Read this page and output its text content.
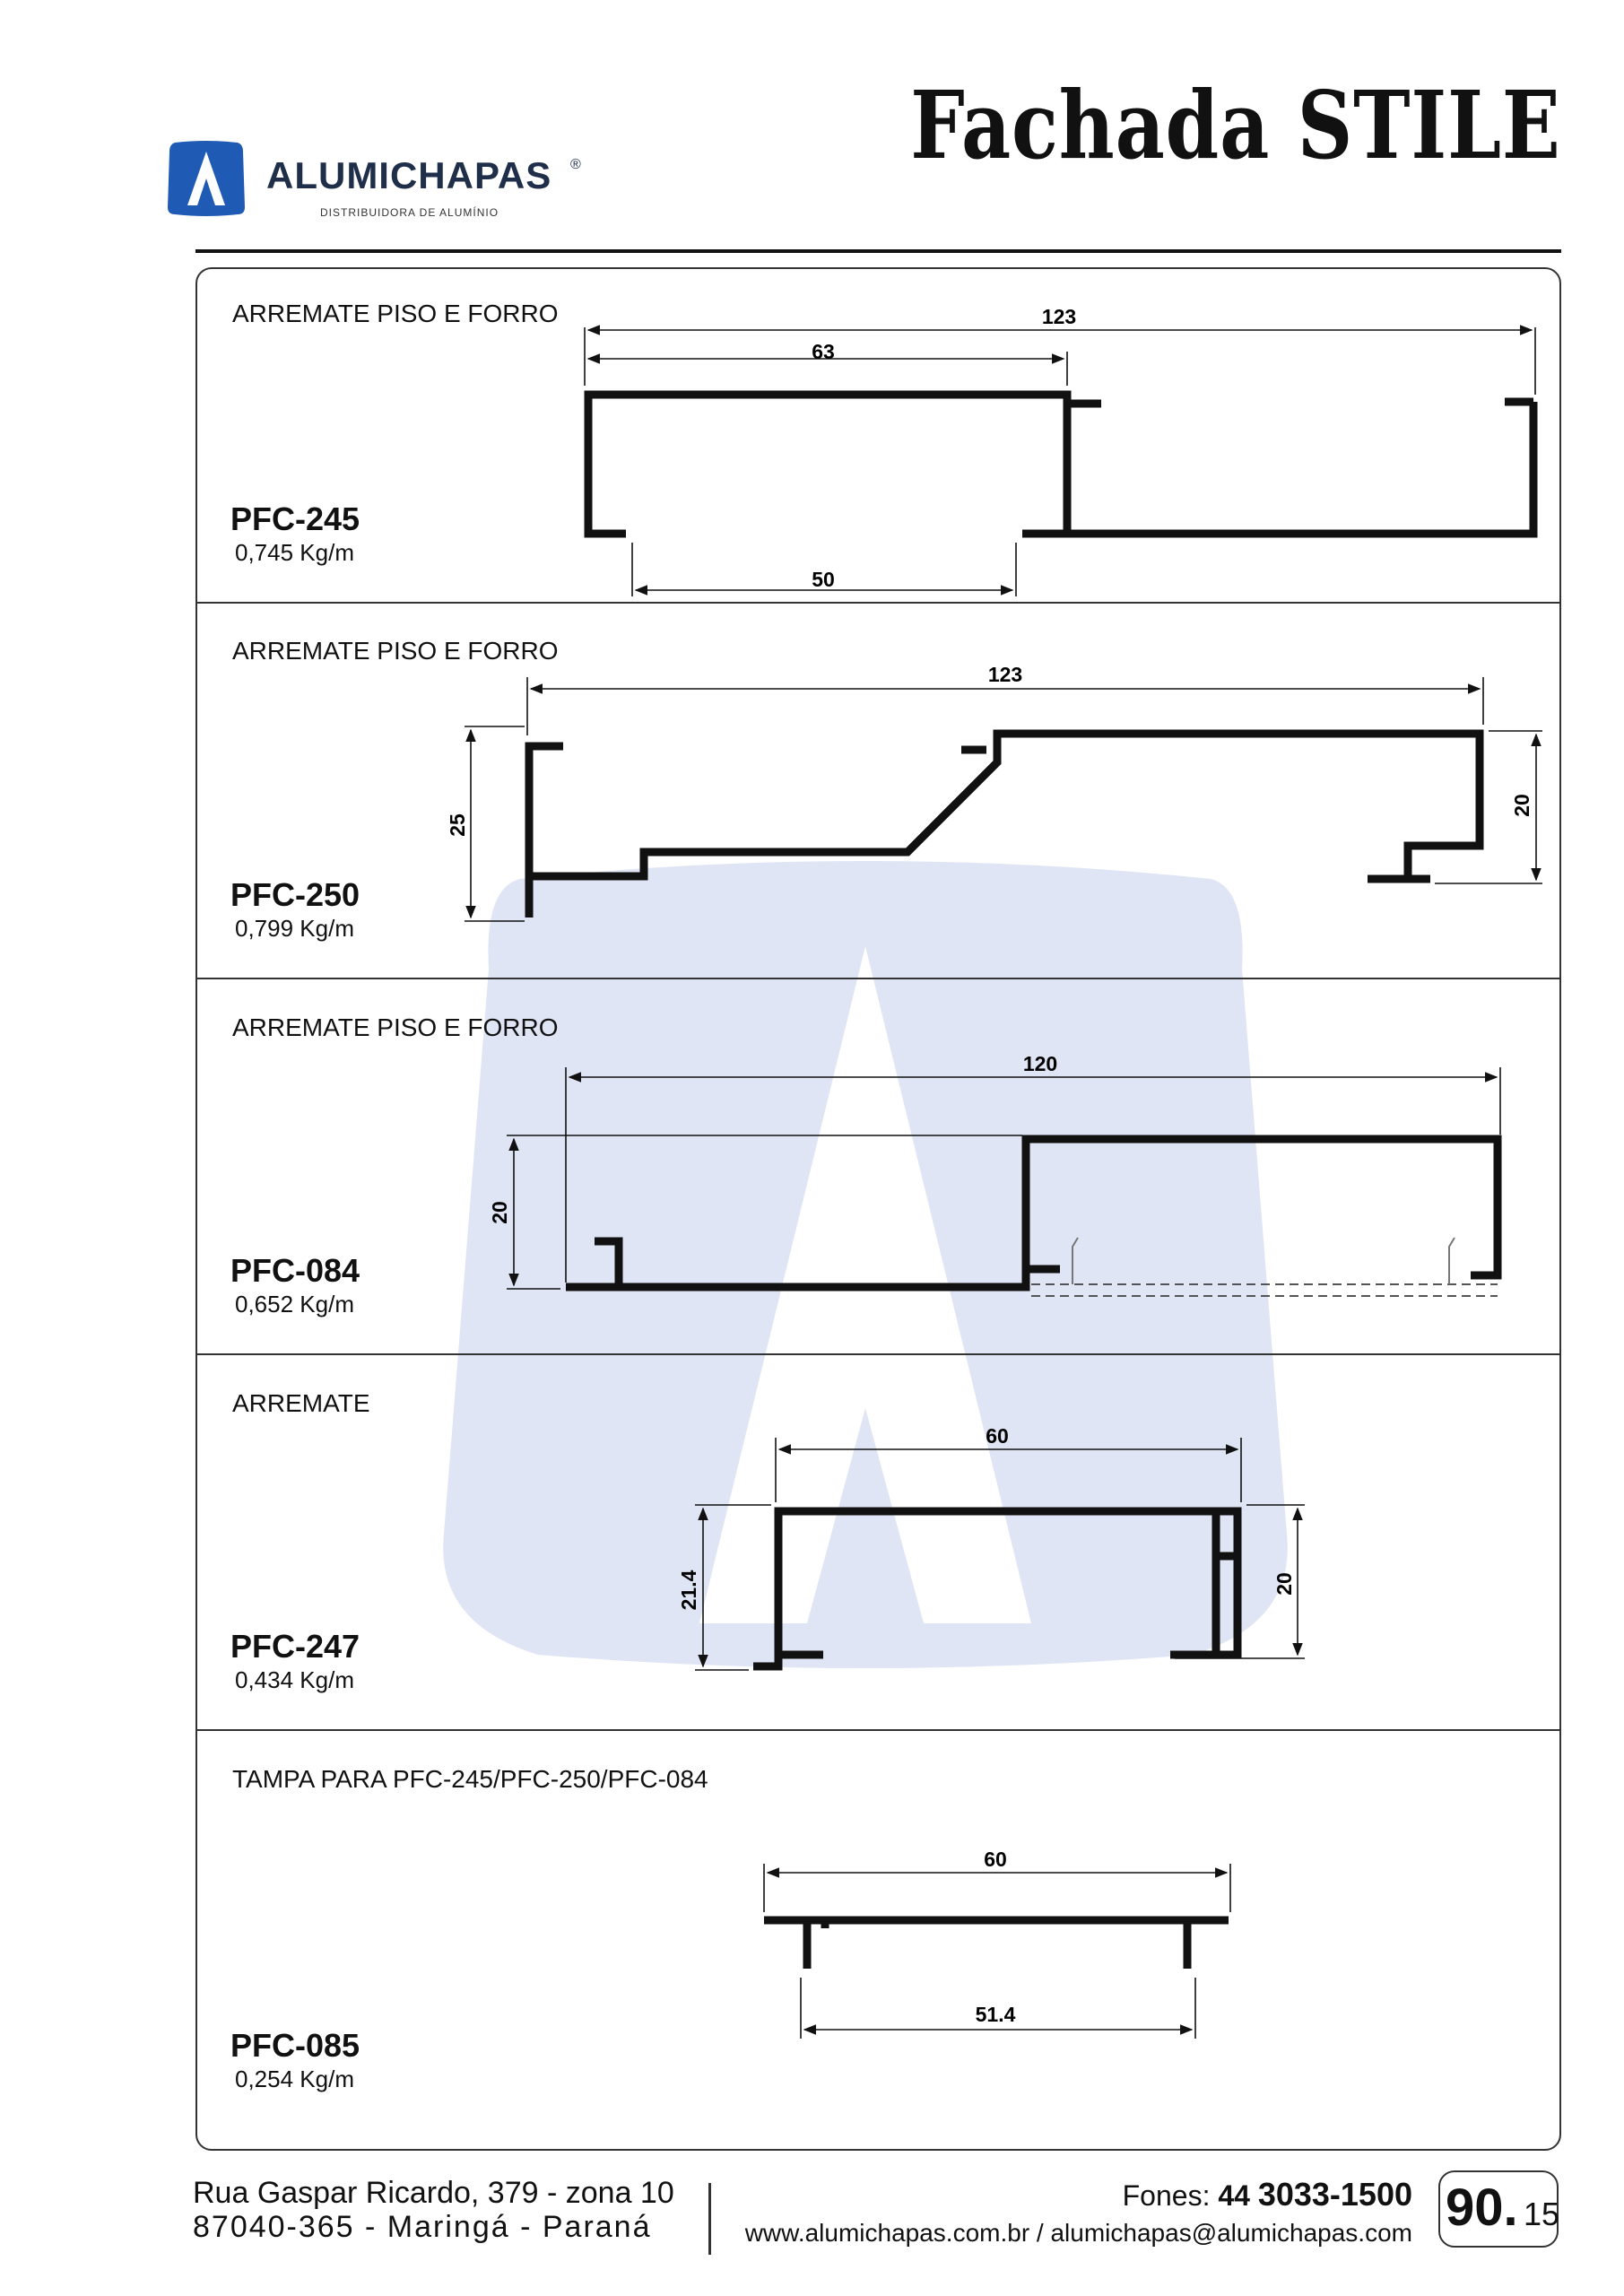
ALUMICHAPAS ®
DISTRIBUIDORA DE ALUMÍNIO
Fachada STILE
ARREMATE PISO E FORRO
PFC-245
0,745 Kg/m
ARREMATE PISO E FORRO
PFC-250
0,799 Kg/m
ARREMATE PISO E FORRO
PFC-084
0,652 Kg/m
ARREMATE
PFC-247
0,434 Kg/m
TAMPA PARA PFC-245/PFC-250/PFC-084
PFC-085
0,254 Kg/m
123
63
50
123
25
20
120
20
60
21.4	20
60
51.4
Rua Gaspar Ricardo, 379 - zona 10
87040-365 - Maringá - Paraná
Fones: 44 3033-1500
www.alumichapas.com.br / alumichapas@alumichapas.com 90. 15
